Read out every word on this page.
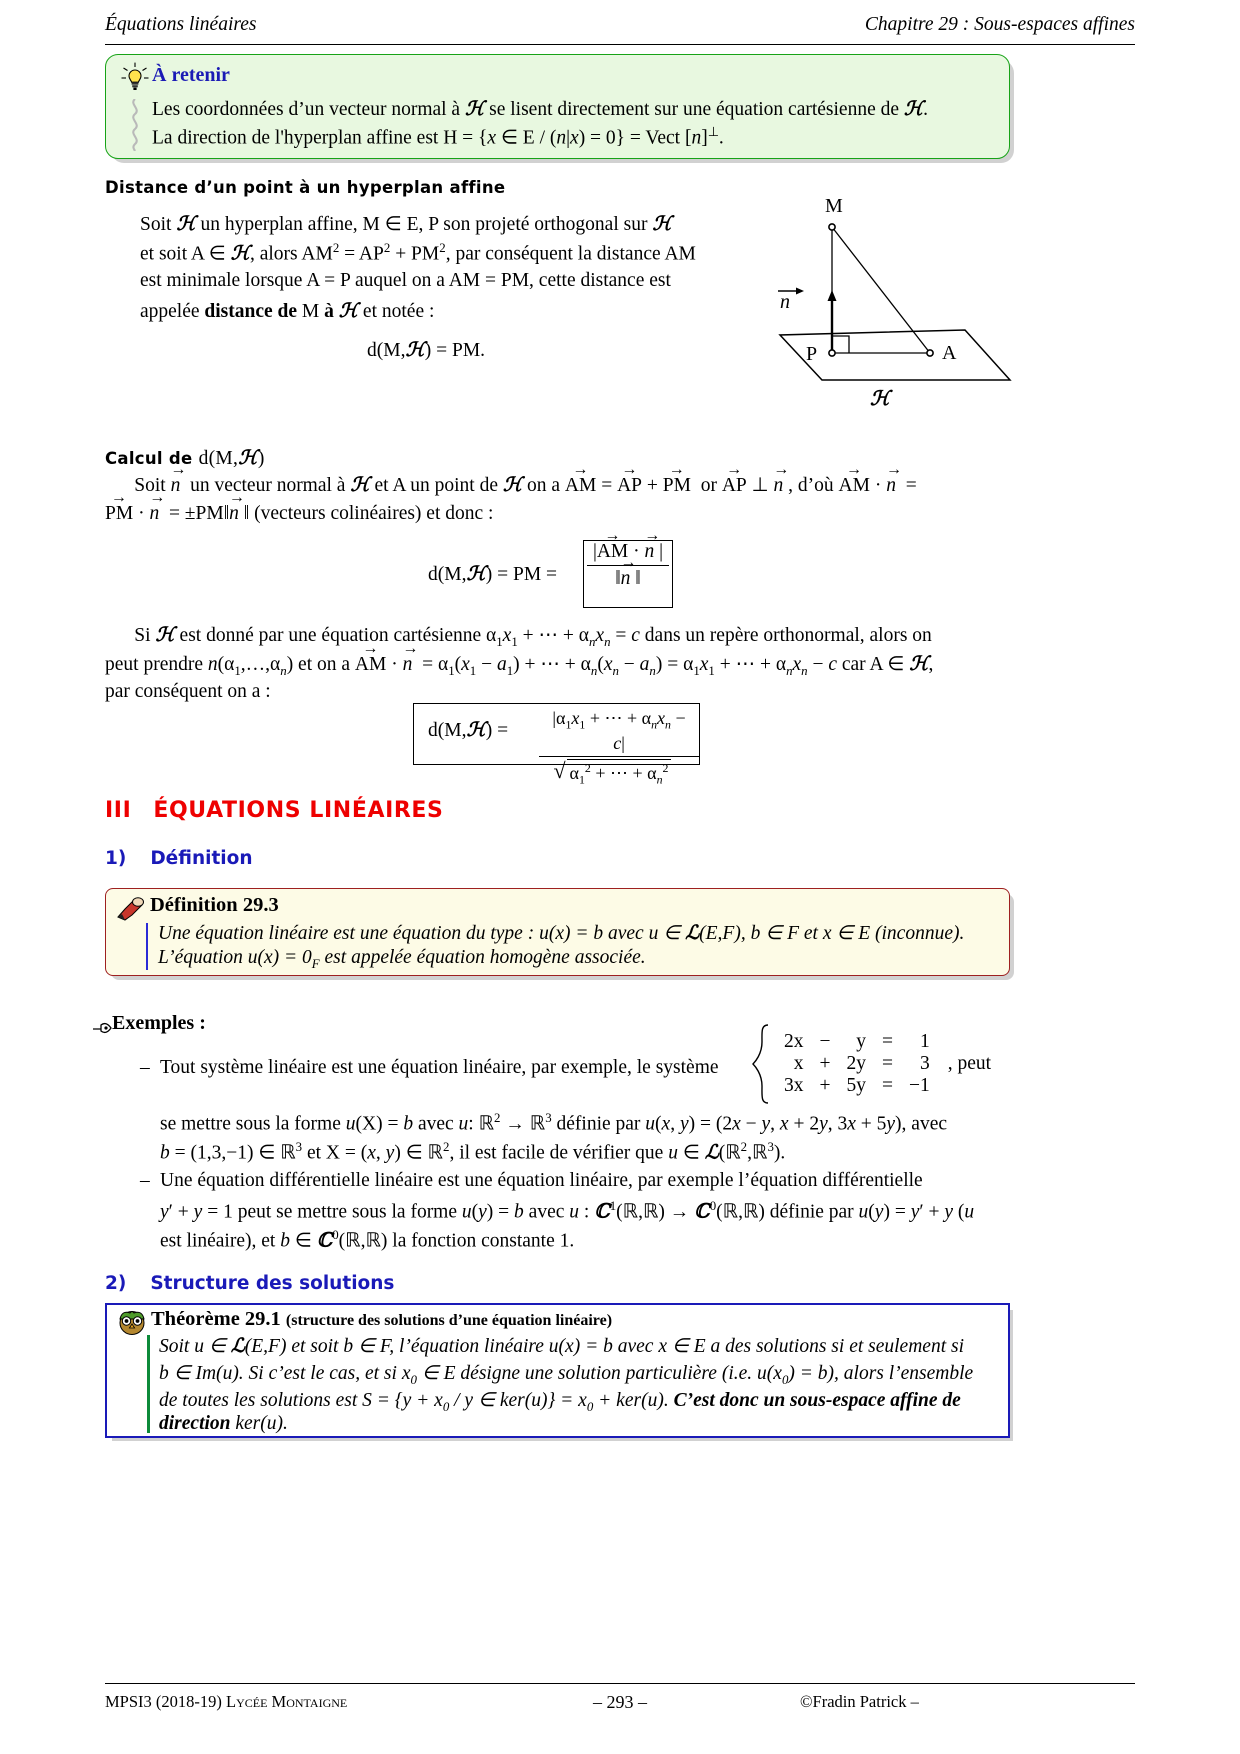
Équations linéaires	Chapitre 29 : Sous-espaces affines
À retenir
Les coordonnées d’un vecteur normal à ℋ se lisent directement sur une équation cartésienne de ℋ.
La direction de l'hyperplan affine est H = {x ∈ E / (n|x) = 0} = Vect [n]⊥.
Distance d’un point à un hyperplan affine
Soit ℋ un hyperplan affine, M ∈ E, P son projeté orthogonal sur ℋ
et soit A ∈ ℋ, alors $AM^2 = AP^2 + PM^2$, par conséquent la distance AM
est minimale lorsque A = P auquel on a AM = PM, cette distance est
appelée distance de M à ℋ et notée :
d(M,ℋ) = PM.
M
P	A
n
ℋ
Calcul de d(M,ℋ)
Soit → n  un vecteur normal à ℋ et A un point de ℋ on a → AM = → AP + → PM  or → AP ⊥ → n , d’où → AM · → n  =
→ PM · → n  = ±PM‖→ n ‖ (vecteurs colinéaires) et donc :
d(M,ℋ) = PM = $\frac{|\to AM \cdot \to n |}{‖\to n ‖}$
Si ℋ est donné par une équation cartésienne $\alpha_1x_1$ + ⋯ + $\alpha_nx_n = c$ dans un repère orthonormal, alors on
peut prendre $n(\alpha_1,\dots,\alpha_n)$ et on a → AM · → $n = \alpha_1(x_1 - a_1)$ + ⋯ + $\alpha_n(x_n - a_n) = \alpha_1x_1$ + ⋯ + $\alpha_nx_n - c$ car A ∈ ℋ,
par conséquent on a :
d(M,ℋ) = $\frac{|\alpha_1x_1 + \cdots + \alpha_nx_n - c|}{√ \alpha_1^2 + \cdots + \alpha_n^2}$
III ÉQUATIONS LINÉAIRES
1) Définition
Définition 29.3
Une équation linéaire est une équation du type : u(x) = b avec u ∈ ℒ(E,F), b ∈ F et x ∈ E (inconnue).
L’équation $u(x) = 0_F$ est appelée équation homogène associée.
Exemples :
– Tout système linéaire est une équation linéaire, par exemple, le système
2x	−	y	=	1
x	+	2y	=	3
3x	+	5y	=	−1
, peut
se mettre sous la forme u(X) = b avec u: ℝ$^2$ → ℝ$^3$ définie par u(x, y) = (2x − y, x + 2y, 3x + 5y), avec
b = (1,3,−1) ∈ ℝ$^3$ et X = (x, y) ∈ ℝ$^2$, il est facile de vérifier que u ∈ ℒ(ℝ$^2$,ℝ$^3$).
– Une équation différentielle linéaire est une équation linéaire, par exemple l’équation différentielle
y′ + y = 1 peut se mettre sous la forme u(y) = b avec u : ℂ$^1$(ℝ,ℝ) → ℂ$^0$(ℝ,ℝ) définie par u(y) = y′ + y (u
est linéaire), et b ∈ ℂ$^0$(ℝ,ℝ) la fonction constante 1.
2) Structure des solutions
Théorème 29.1 (structure des solutions d’une équation linéaire)
Soit u ∈ ℒ(E,F) et soit b ∈ F, l’équation linéaire u(x) = b avec x ∈ E a des solutions si et seulement si
b ∈ Im(u). Si c’est le cas, et si $x_0$ ∈ E désigne une solution particulière (i.e. $u(x_0) = b$), alors l’ensemble
de toutes les solutions est $S = \{y + x_0 / y$ ∈ $ker(u)\} = x_0 + ker(u)$. C’est donc un sous-espace affine de
direction ker(u).
MPSI3 (2018-19) Lycée Montaigne	– 293 –	©Fradin Patrick –
